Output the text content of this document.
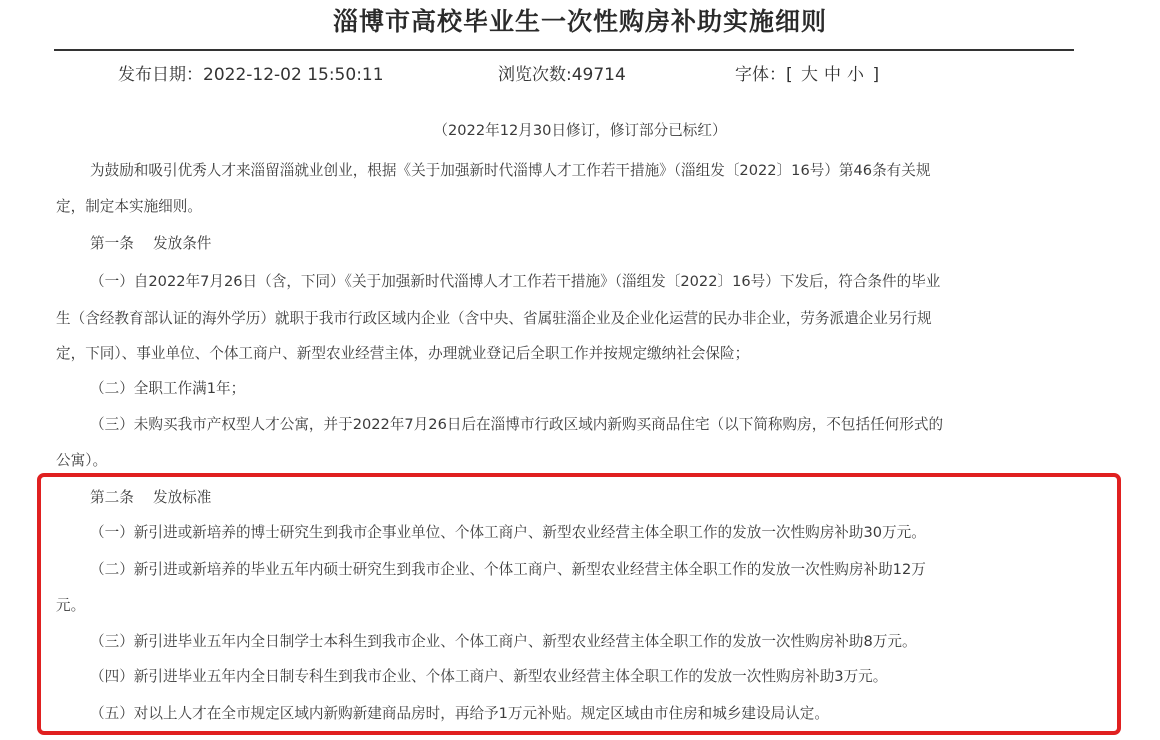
淄博市高校毕业生一次性购房补助实施细则
发布日期：2022-12-02 15:50:11	浏览次数:49714	字体：[ 大 中 小 ]
（2022年12月30日修订，修订部分已标红）
为鼓励和吸引优秀人才来淄留淄就业创业，根据《关于加强新时代淄博人才工作若干措施》（淄组发〔2022〕16号）第46条有关规
定，制定本实施细则。
第一条　 发放条件
（一）自2022年7月26日（含，下同）《关于加强新时代淄博人才工作若干措施》（淄组发〔2022〕16号）下发后，符合条件的毕业
生（含经教育部认证的海外学历）就职于我市行政区域内企业（含中央、省属驻淄企业及企业化运营的民办非企业，劳务派遣企业另行规
定，下同）、事业单位、个体工商户、新型农业经营主体，办理就业登记后全职工作并按规定缴纳社会保险；
（二）全职工作满1年；
（三）未购买我市产权型人才公寓，并于2022年7月26日后在淄博市行政区域内新购买商品住宅（以下简称购房，不包括任何形式的
公寓）。
第二条　 发放标准
（一）新引进或新培养的博士研究生到我市企事业单位、个体工商户、新型农业经营主体全职工作的发放一次性购房补助30万元。
（二）新引进或新培养的毕业五年内硕士研究生到我市企业、个体工商户、新型农业经营主体全职工作的发放一次性购房补助12万
元。
（三）新引进毕业五年内全日制学士本科生到我市企业、个体工商户、新型农业经营主体全职工作的发放一次性购房补助8万元。
（四）新引进毕业五年内全日制专科生到我市企业、个体工商户、新型农业经营主体全职工作的发放一次性购房补助3万元。
（五）对以上人才在全市规定区域内新购新建商品房时，再给予1万元补贴。规定区域由市住房和城乡建设局认定。
